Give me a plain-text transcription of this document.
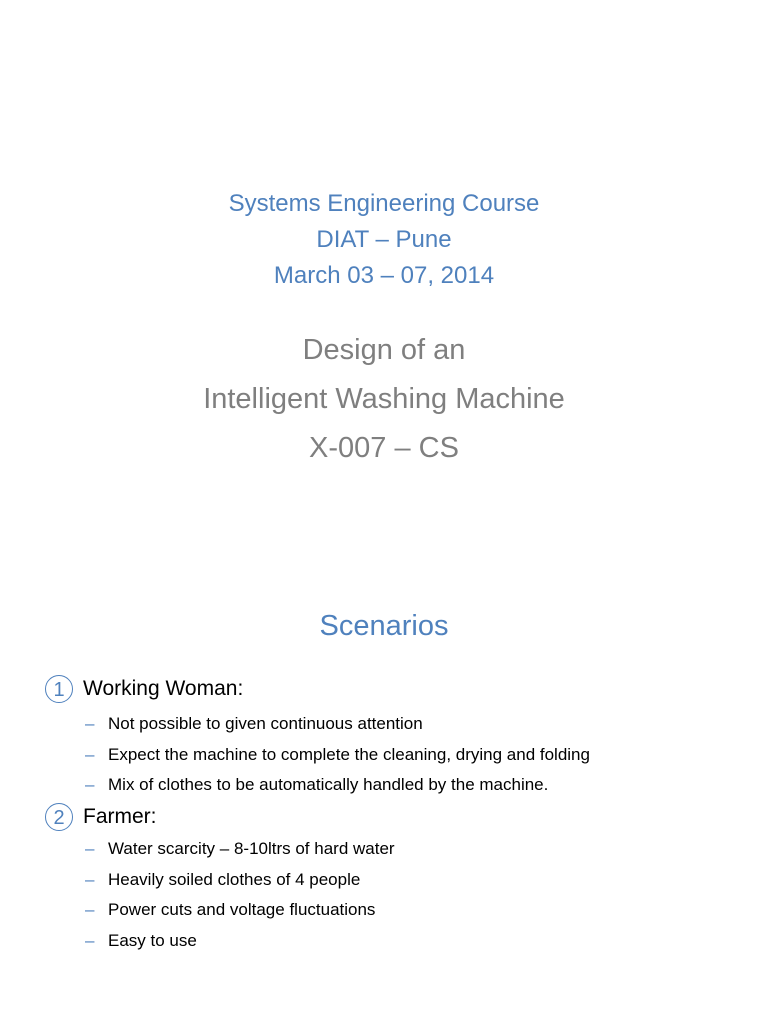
Systems Engineering Course
DIAT – Pune
March 03 – 07, 2014
Design of an
Intelligent Washing Machine
X-007 – CS
Scenarios
1 Working Woman:
– Not possible to given continuous attention
– Expect the machine to complete the cleaning, drying and folding
– Mix of clothes to be automatically handled by the machine.
2 Farmer:
– Water scarcity – 8-10ltrs of hard water
– Heavily soiled clothes of 4 people
– Power cuts and voltage fluctuations
– Easy to use
